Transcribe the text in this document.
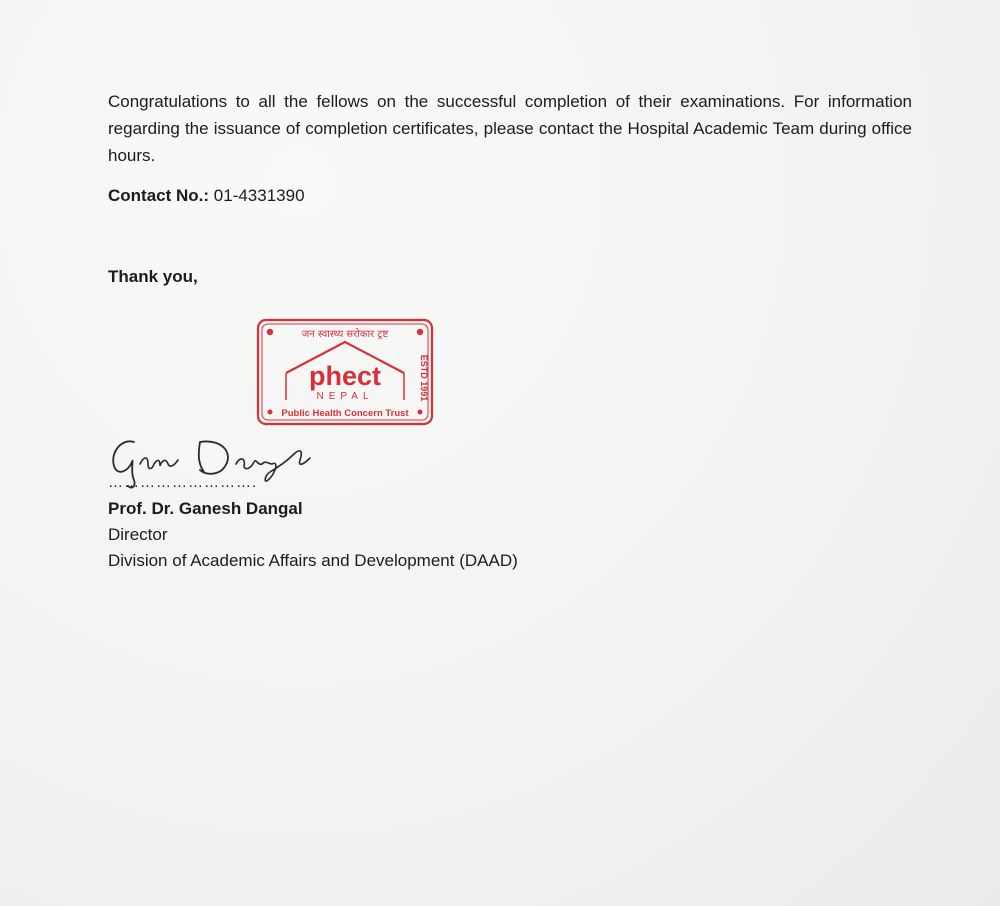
Congratulations to all the fellows on the successful completion of their examinations. For information regarding the issuance of completion certificates, please contact the Hospital Academic Team during office hours.
Contact No.: 01-4331390
Thank you,
जन स्वास्थ्य सरोकार ट्रष्ट
phect
NEPAL
Public Health Concern Trust
ESTD 1991
……………………….
Prof. Dr. Ganesh Dangal
Director
Division of Academic Affairs and Development (DAAD)
